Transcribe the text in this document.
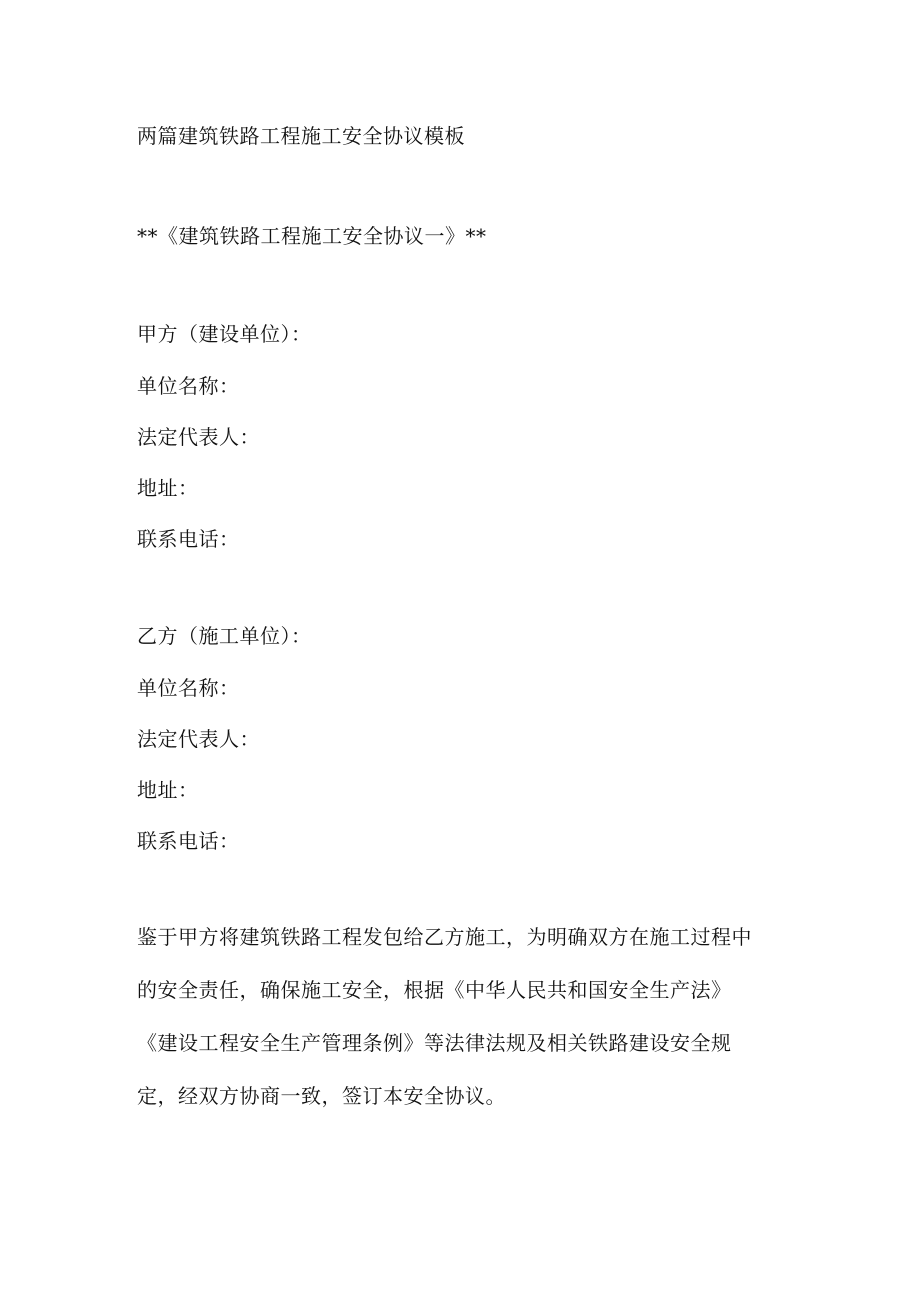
两篇建筑铁路工程施工安全协议模板
**《建筑铁路工程施工安全协议一》**
甲方（建设单位）：
单位名称：
法定代表人：
地址：
联系电话：
乙方（施工单位）：
单位名称：
法定代表人：
地址：
联系电话：
鉴于甲方将建筑铁路工程发包给乙方施工，为明确双方在施工过程中
的安全责任，确保施工安全，根据《中华人民共和国安全生产法》
《建设工程安全生产管理条例》等法律法规及相关铁路建设安全规
定，经双方协商一致，签订本安全协议。
